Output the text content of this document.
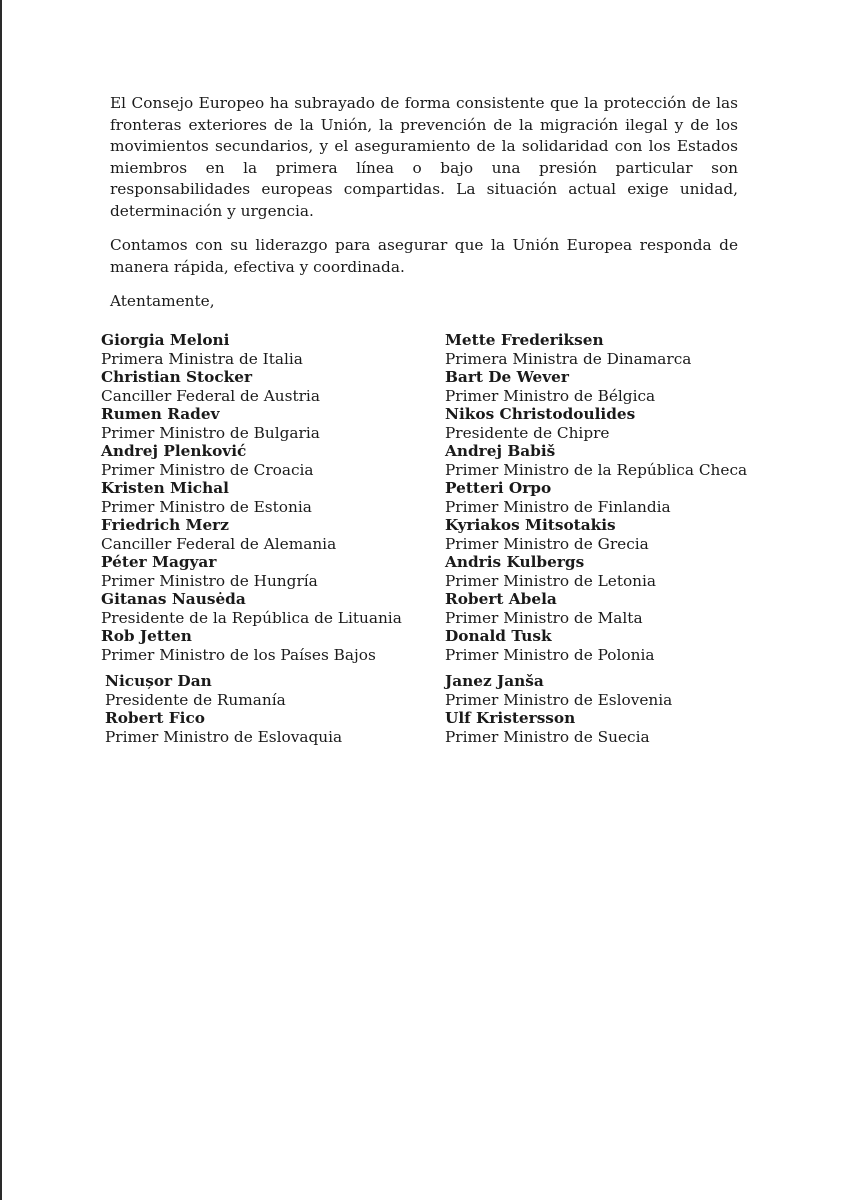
El Consejo Europeo ha subrayado de forma consistente que la protección de las fronteras exteriores de la Unión, la prevención de la migración ilegal y de los movimientos secundarios, y el aseguramiento de la solidaridad con los Estados miembros en la primera línea o bajo una presión particular son responsabilidades europeas compartidas. La situación actual exige unidad, determinación y urgencia.

Contamos con su liderazgo para asegurar que la Unión Europea responda de manera rápida, efectiva y coordinada.

Atentamente,

Giorgia Meloni
Primera Ministra de Italia
Christian Stocker
Canciller Federal de Austria
Rumen Radev
Primer Ministro de Bulgaria
Andrej Plenković
Primer Ministro de Croacia
Kristen Michal
Primer Ministro de Estonia
Friedrich Merz
Canciller Federal de Alemania
Péter Magyar
Primer Ministro de Hungría
Gitanas Nausėda
Presidente de la República de Lituania
Rob Jetten
Primer Ministro de los Países Bajos
Mette Frederiksen
Primera Ministra de Dinamarca
Bart De Wever
Primer Ministro de Bélgica
Nikos Christodoulides
Presidente de Chipre
Andrej Babiš
Primer Ministro de la República Checa
Petteri Orpo
Primer Ministro de Finlandia
Kyriakos Mitsotakis
Primer Ministro de Grecia
Andris Kulbergs
Primer Ministro de Letonia
Robert Abela
Primer Ministro de Malta
Donald Tusk
Primer Ministro de Polonia
Nicușor Dan
Presidente de Rumanía
Robert Fico
Primer Ministro de Eslovaquia
Janez Janša
Primer Ministro de Eslovenia
Ulf Kristersson
Primer Ministro de Suecia
